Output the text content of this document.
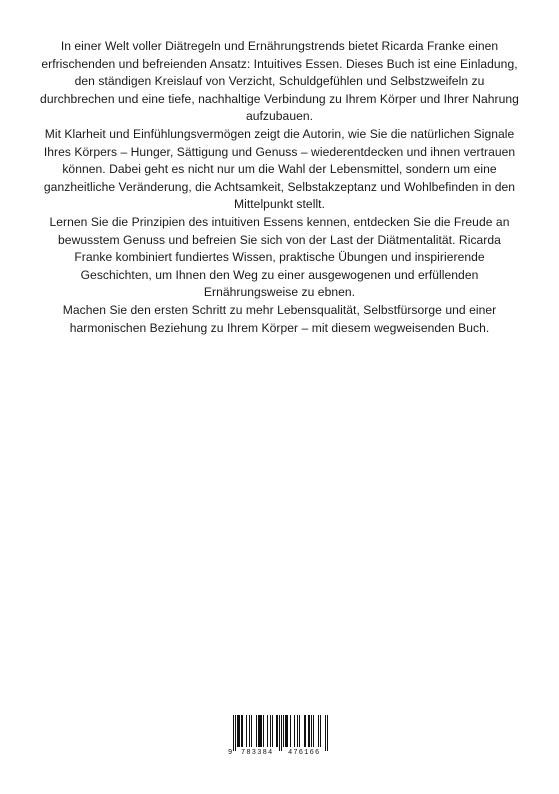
In einer Welt voller Diätregeln und Ernährungstrends bietet Ricarda Franke einen erfrischenden und befreienden Ansatz: Intuitives Essen. Dieses Buch ist eine Einladung, den ständigen Kreislauf von Verzicht, Schuldgefühlen und Selbstzweifeln zu durchbrechen und eine tiefe, nachhaltige Verbindung zu Ihrem Körper und Ihrer Nahrung aufzubauen.

Mit Klarheit und Einfühlungsvermögen zeigt die Autorin, wie Sie die natürlichen Signale Ihres Körpers – Hunger, Sättigung und Genuss – wiederentdecken und ihnen vertrauen können. Dabei geht es nicht nur um die Wahl der Lebensmittel, sondern um eine ganzheitliche Veränderung, die Achtsamkeit, Selbstakzeptanz und Wohlbefinden in den Mittelpunkt stellt.

Lernen Sie die Prinzipien des intuitiven Essens kennen, entdecken Sie die Freude an bewusstem Genuss und befreien Sie sich von der Last der Diätmentalität. Ricarda Franke kombiniert fundiertes Wissen, praktische Übungen und inspirierende Geschichten, um Ihnen den Weg zu einer ausgewogenen und erfüllenden Ernährungsweise zu ebnen.

Machen Sie den ersten Schritt zu mehr Lebensqualität, Selbstfürsorge und einer harmonischen Beziehung zu Ihrem Körper – mit diesem wegweisenden Buch.

9 783384 476166
